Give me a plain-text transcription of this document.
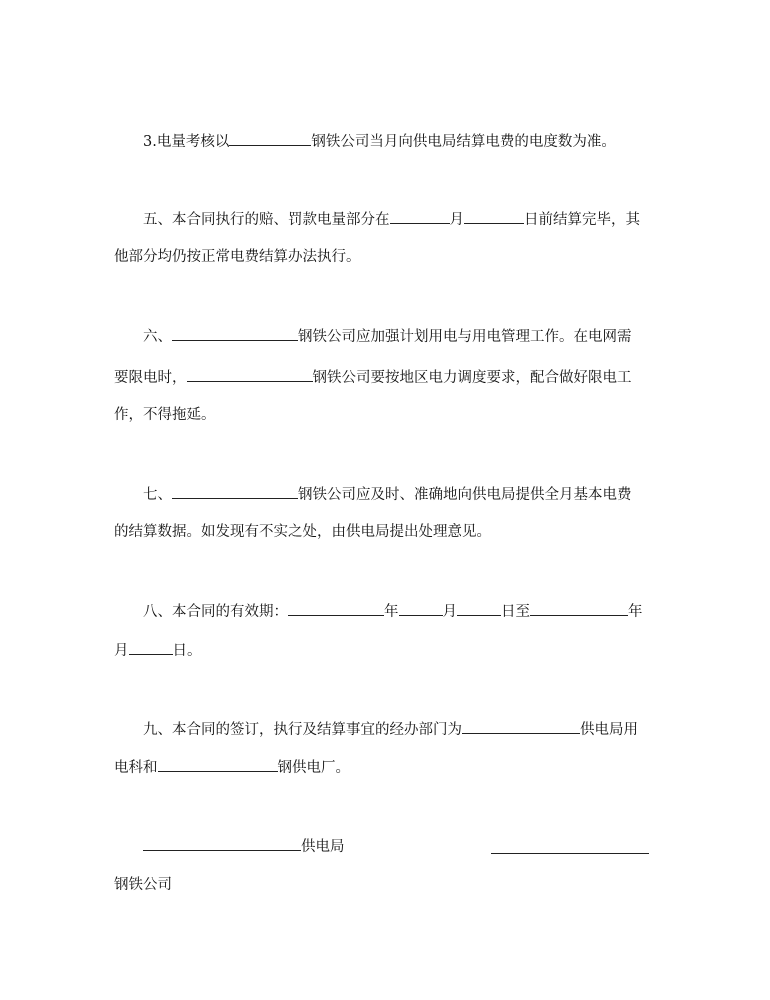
3.电量考核以	钢铁公司当月向供电局结算电费的电度数为准。
五、本合同执行的赔、罚款电量部分在	月	日前结算完毕，其
他部分均仍按正常电费结算办法执行。
六、	钢铁公司应加强计划用电与用电管理工作。在电网需
要限电时，	钢铁公司要按地区电力调度要求，配合做好限电工
作，不得拖延。
七、	钢铁公司应及时、准确地向供电局提供全月基本电费
的结算数据。如发现有不实之处，由供电局提出处理意见。
八、本合同的有效期：	年	月	日至	年
月	日。
九、本合同的签订，执行及结算事宜的经办部门为	供电局用
电科和	钢供电厂。
供电局
钢铁公司
